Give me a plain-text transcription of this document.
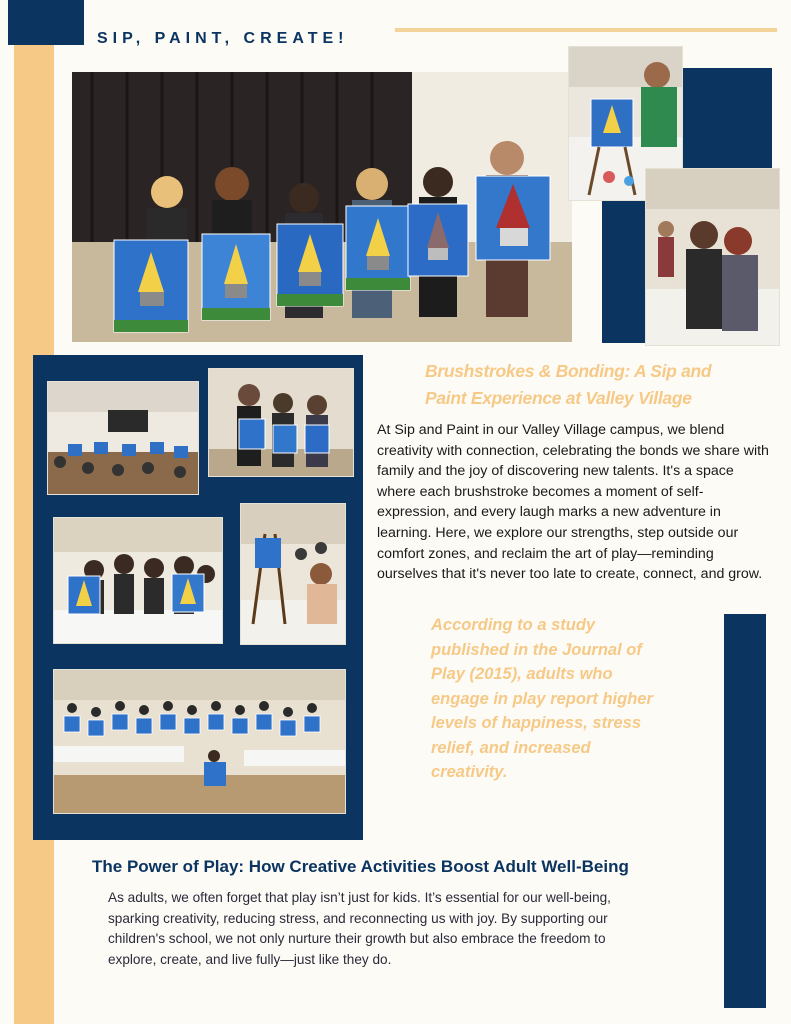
SIP, PAINT, CREATE!
Brushstrokes & Bonding: A Sip and
Paint Experience at Valley Village
At Sip and Paint in our Valley Village campus, we blend creativity with connection, celebrating the bonds we share with family and the joy of discovering new talents. It's a space where each brushstroke becomes a moment of self-expression, and every laugh marks a new adventure in learning. Here, we explore our strengths, step outside our comfort zones, and reclaim the art of play—reminding ourselves that it's never too late to create, connect, and grow.
According to a study published in the Journal of Play (2015), adults who engage in play report higher levels of happiness, stress relief, and increased creativity.
The Power of Play: How Creative Activities Boost Adult Well-Being
As adults, we often forget that play isn’t just for kids. It’s essential for our well-being, sparking creativity, reducing stress, and reconnecting us with joy. By supporting our children's school, we not only nurture their growth but also embrace the freedom to explore, create, and live fully—just like they do.
